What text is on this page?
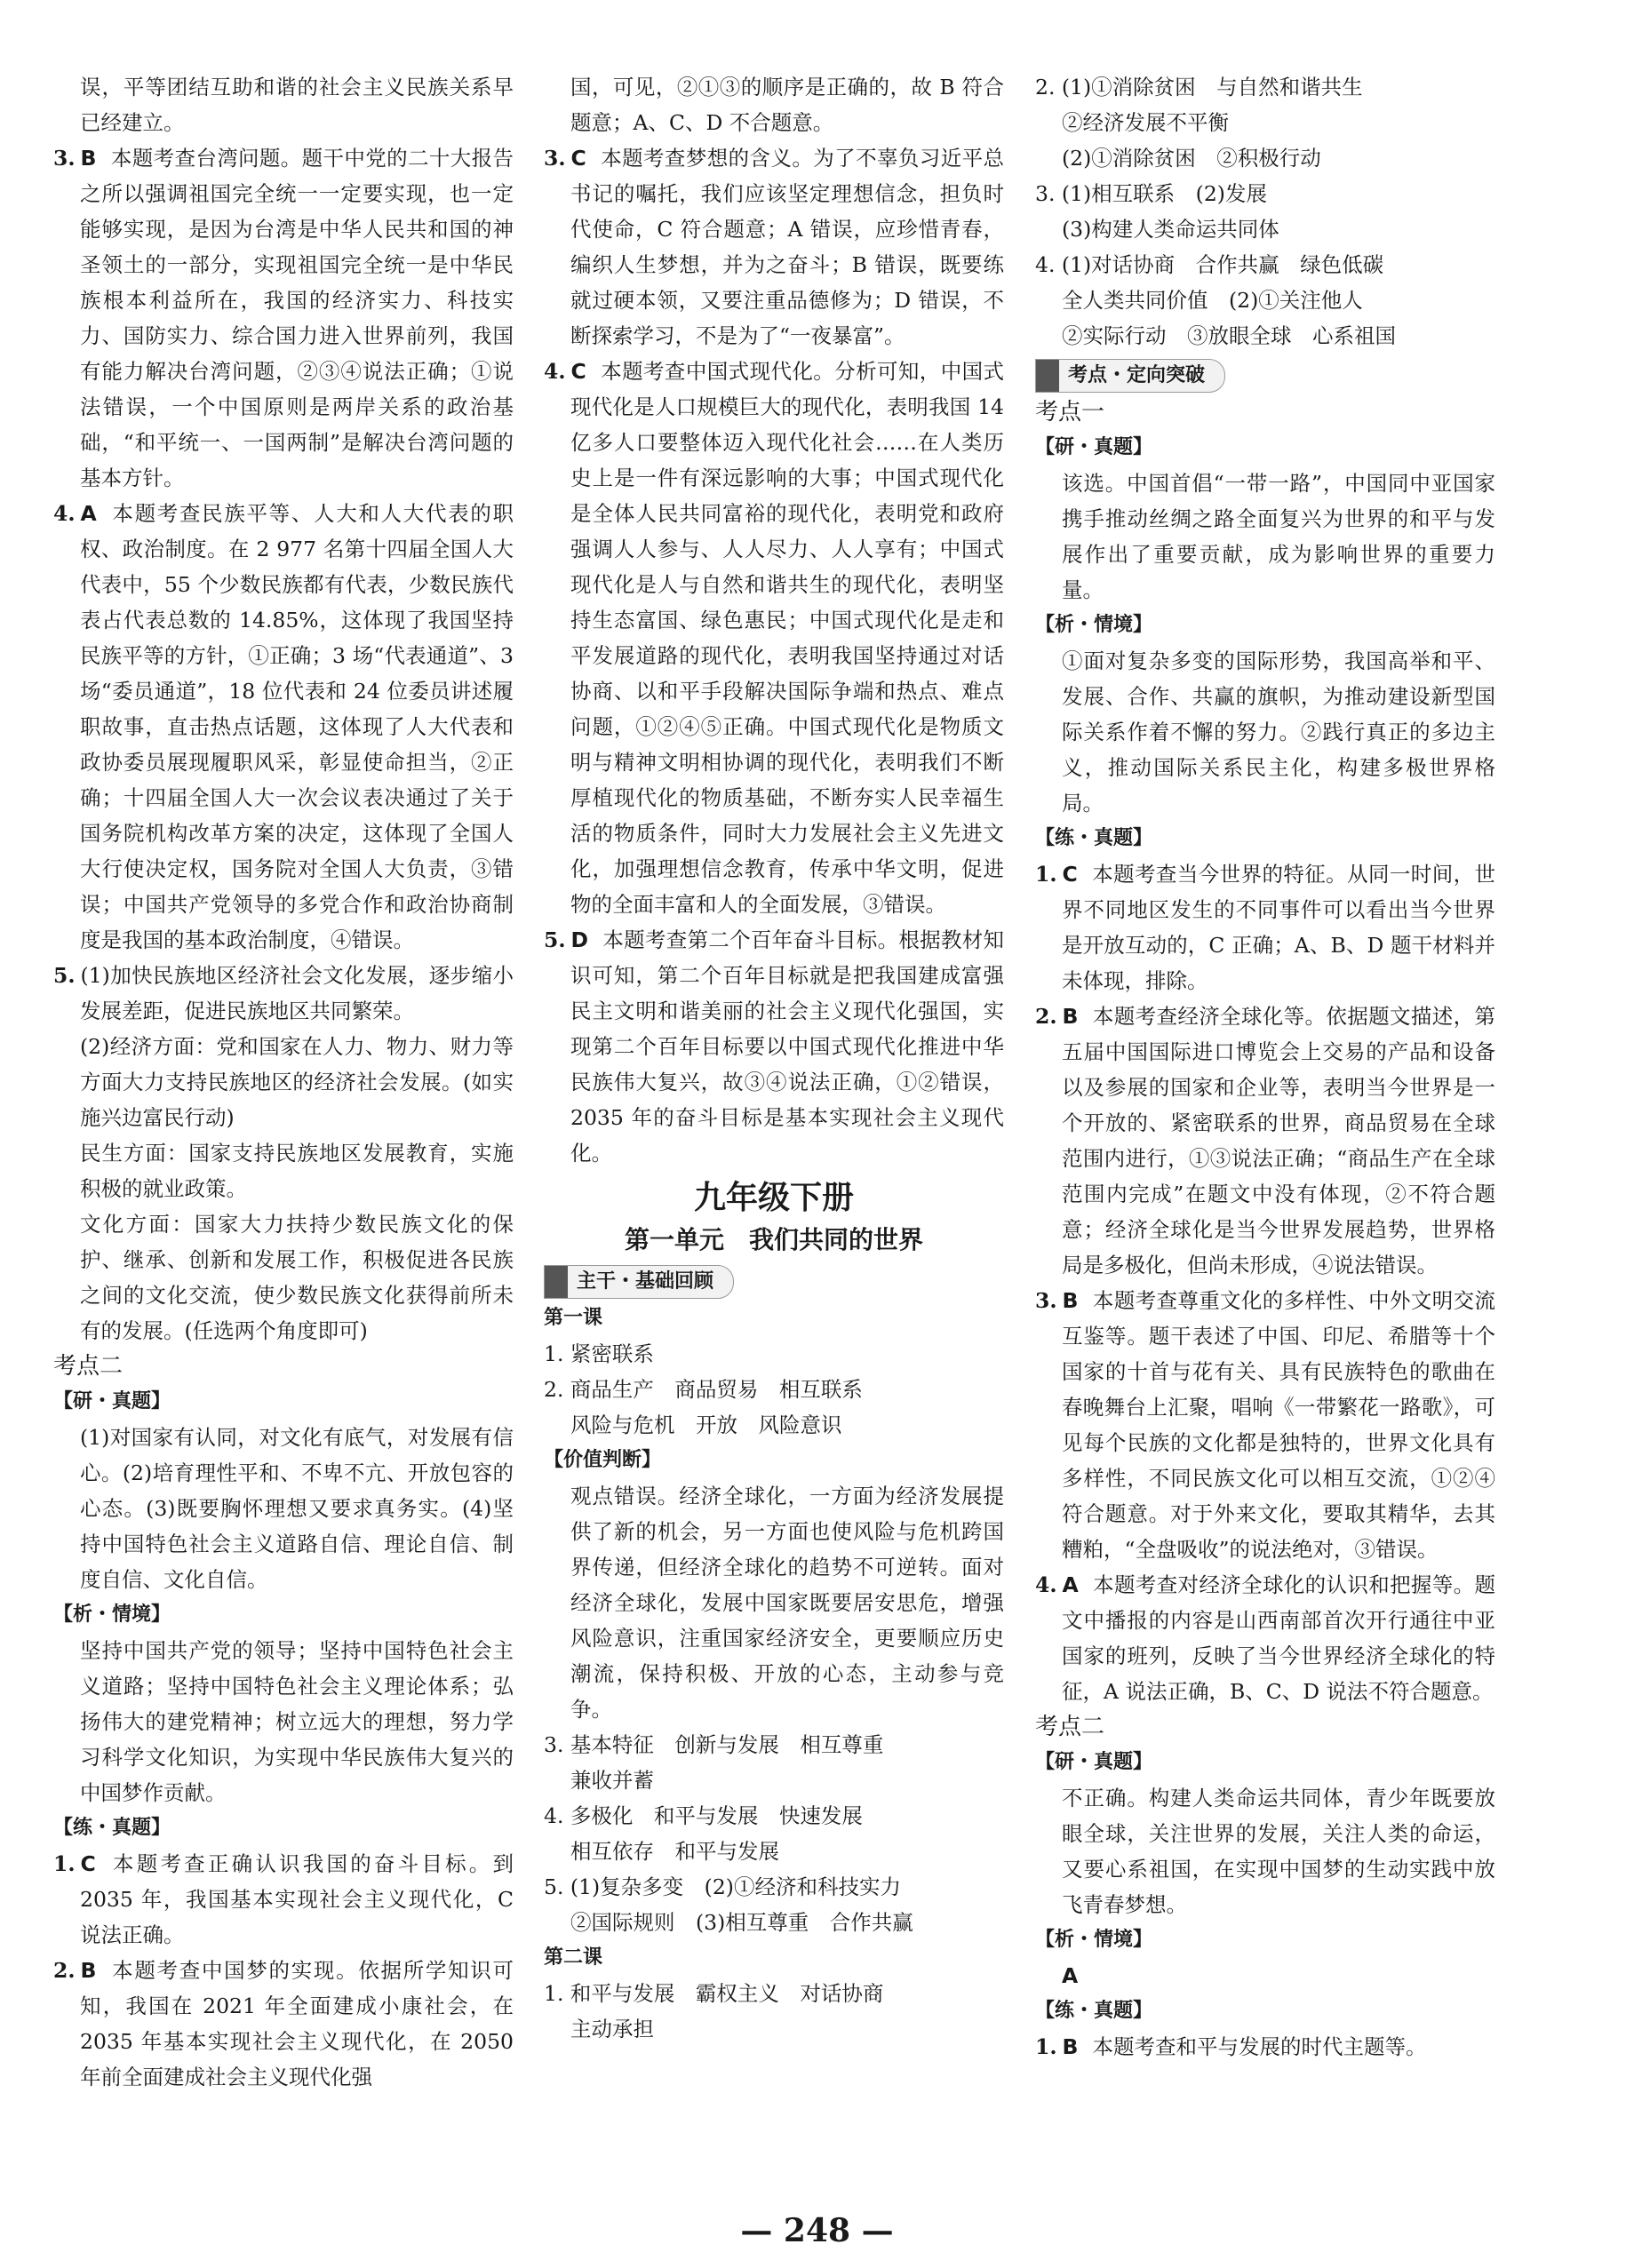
误，平等团结互助和谐的社会主义民族关系早已经建立。

3. B 本题考查台湾问题。题干中党的二十大报告之所以强调祖国完全统一一定要实现，也一定能够实现，是因为台湾是中华人民共和国的神圣领土的一部分，实现祖国完全统一是中华民族根本利益所在，我国的经济实力、科技实力、国防实力、综合国力进入世界前列，我国有能力解决台湾问题，②③④说法正确；①说法错误，一个中国原则是两岸关系的政治基础，“和平统一、一国两制”是解决台湾问题的基本方针。

4. A 本题考查民族平等、人大和人大代表的职权、政治制度。在 2 977 名第十四届全国人大代表中，55 个少数民族都有代表，少数民族代表占代表总数的 14.85%，这体现了我国坚持民族平等的方针，①正确；3 场“代表通道”、3 场“委员通道”，18 位代表和 24 位委员讲述履职故事，直击热点话题，这体现了人大代表和政协委员展现履职风采，彰显使命担当，②正确；十四届全国人大一次会议表决通过了关于国务院机构改革方案的决定，这体现了全国人大行使决定权，国务院对全国人大负责，③错误；中国共产党领导的多党合作和政治协商制度是我国的基本政治制度，④错误。

5. (1)加快民族地区经济社会文化发展，逐步缩小发展差距，促进民族地区共同繁荣。

(2)经济方面：党和国家在人力、物力、财力等方面大力支持民族地区的经济社会发展。(如实施兴边富民行动)

民生方面：国家支持民族地区发展教育，实施积极的就业政策。

文化方面：国家大力扶持少数民族文化的保护、继承、创新和发展工作，积极促进各民族之间的文化交流，使少数民族文化获得前所未有的发展。(任选两个角度即可)

考点二

【研・真题】

(1)对国家有认同，对文化有底气，对发展有信心。(2)培育理性平和、不卑不亢、开放包容的心态。(3)既要胸怀理想又要求真务实。(4)坚持中国特色社会主义道路自信、理论自信、制度自信、文化自信。

【析・情境】

坚持中国共产党的领导；坚持中国特色社会主义道路；坚持中国特色社会主义理论体系；弘扬伟大的建党精神；树立远大的理想，努力学习科学文化知识，为实现中华民族伟大复兴的中国梦作贡献。

【练・真题】

1. C 本题考查正确认识我国的奋斗目标。到 2035 年，我国基本实现社会主义现代化，C 说法正确。

2. B 本题考查中国梦的实现。依据所学知识可知，我国在 2021 年全面建成小康社会，在 2035 年基本实现社会主义现代化，在 2050 年前全面建成社会主义现代化强

国，可见，②①③的顺序是正确的，故 B 符合题意；A、C、D 不合题意。

3. C 本题考查梦想的含义。为了不辜负习近平总书记的嘱托，我们应该坚定理想信念，担负时代使命，C 符合题意；A 错误，应珍惜青春，编织人生梦想，并为之奋斗；B 错误，既要练就过硬本领，又要注重品德修为；D 错误，不断探索学习，不是为了“一夜暴富”。

4. C 本题考查中国式现代化。分析可知，中国式现代化是人口规模巨大的现代化，表明我国 14 亿多人口要整体迈入现代化社会……在人类历史上是一件有深远影响的大事；中国式现代化是全体人民共同富裕的现代化，表明党和政府强调人人参与、人人尽力、人人享有；中国式现代化是人与自然和谐共生的现代化，表明坚持生态富国、绿色惠民；中国式现代化是走和平发展道路的现代化，表明我国坚持通过对话协商、以和平手段解决国际争端和热点、难点问题，①②④⑤正确。中国式现代化是物质文明与精神文明相协调的现代化，表明我们不断厚植现代化的物质基础，不断夯实人民幸福生活的物质条件，同时大力发展社会主义先进文化，加强理想信念教育，传承中华文明，促进物的全面丰富和人的全面发展，③错误。

5. D 本题考查第二个百年奋斗目标。根据教材知识可知，第二个百年目标就是把我国建成富强民主文明和谐美丽的社会主义现代化强国，实现第二个百年目标要以中国式现代化推进中华民族伟大复兴，故③④说法正确，①②错误，2035 年的奋斗目标是基本实现社会主义现代化。

九年级下册

第一单元　我们共同的世界

主干・基础回顾

第一课

1. 紧密联系

2. 商品生产　商品贸易　相互联系

风险与危机　开放　风险意识

【价值判断】

观点错误。经济全球化，一方面为经济发展提供了新的机会，另一方面也使风险与危机跨国界传递，但经济全球化的趋势不可逆转。面对经济全球化，发展中国家既要居安思危，增强风险意识，注重国家经济安全，更要顺应历史潮流，保持积极、开放的心态，主动参与竞争。

3. 基本特征　创新与发展　相互尊重

兼收并蓄

4. 多极化　和平与发展　快速发展

相互依存　和平与发展

5. (1)复杂多变　(2)①经济和科技实力

②国际规则　(3)相互尊重　合作共赢

第二课

1. 和平与发展　霸权主义　对话协商

主动承担

2. (1)①消除贫困　与自然和谐共生

②经济发展不平衡

(2)①消除贫困　②积极行动

3. (1)相互联系　(2)发展

(3)构建人类命运共同体

4. (1)对话协商　合作共赢　绿色低碳

全人类共同价值　(2)①关注他人

②实际行动　③放眼全球　心系祖国

考点・定向突破

考点一

【研・真题】

该选。中国首倡“一带一路”，中国同中亚国家携手推动丝绸之路全面复兴为世界的和平与发展作出了重要贡献，成为影响世界的重要力量。

【析・情境】

①面对复杂多变的国际形势，我国高举和平、发展、合作、共赢的旗帜，为推动建设新型国际关系作着不懈的努力。②践行真正的多边主义，推动国际关系民主化，构建多极世界格局。

【练・真题】

1. C 本题考查当今世界的特征。从同一时间，世界不同地区发生的不同事件可以看出当今世界是开放互动的，C 正确；A、B、D 题干材料并未体现，排除。

2. B 本题考查经济全球化等。依据题文描述，第五届中国国际进口博览会上交易的产品和设备以及参展的国家和企业等，表明当今世界是一个开放的、紧密联系的世界，商品贸易在全球范围内进行，①③说法正确；“商品生产在全球范围内完成”在题文中没有体现，②不符合题意；经济全球化是当今世界发展趋势，世界格局是多极化，但尚未形成，④说法错误。

3. B 本题考查尊重文化的多样性、中外文明交流互鉴等。题干表述了中国、印尼、希腊等十个国家的十首与花有关、具有民族特色的歌曲在春晚舞台上汇聚，唱响《一带繁花一路歌》，可见每个民族的文化都是独特的，世界文化具有多样性，不同民族文化可以相互交流，①②④符合题意。对于外来文化，要取其精华，去其糟粕，“全盘吸收”的说法绝对，③错误。

4. A 本题考查对经济全球化的认识和把握等。题文中播报的内容是山西南部首次开行通往中亚国家的班列，反映了当今世界经济全球化的特征，A 说法正确，B、C、D 说法不符合题意。

考点二

【研・真题】

不正确。构建人类命运共同体，青少年既要放眼全球，关注世界的发展，关注人类的命运，又要心系祖国，在实现中国梦的生动实践中放飞青春梦想。

【析・情境】

A

【练・真题】

1. B 本题考查和平与发展的时代主题等。

— 248 —
